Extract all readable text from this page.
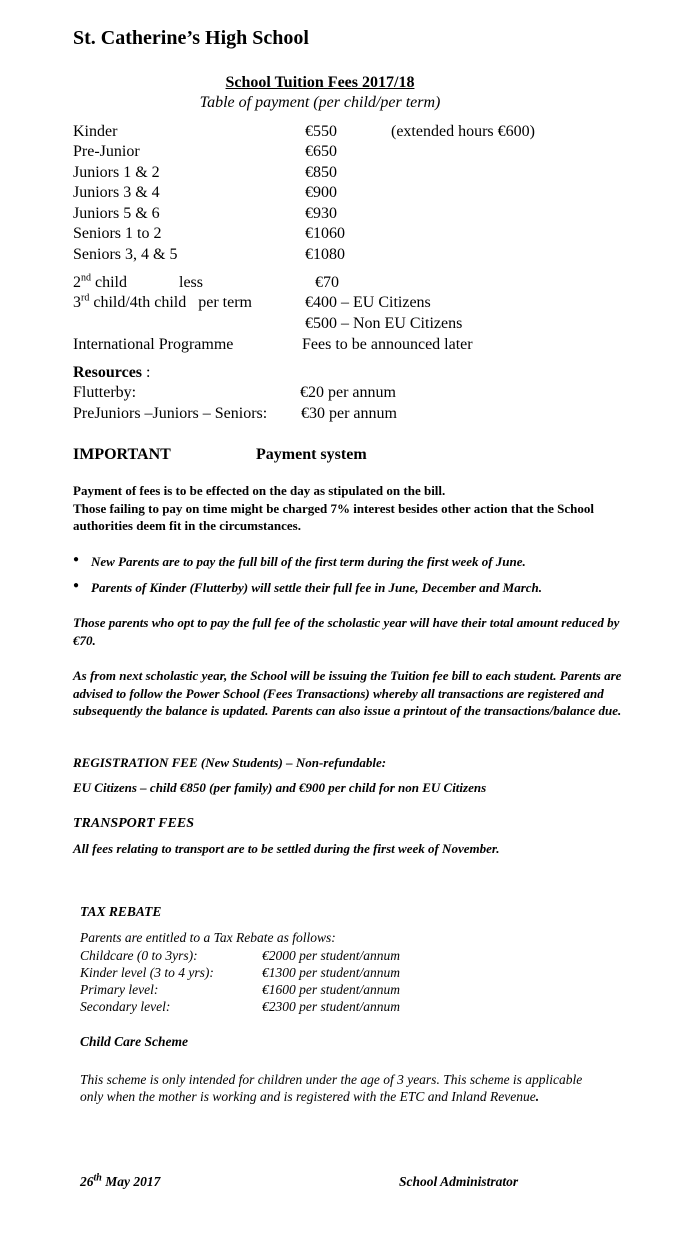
St. Catherine’s High School
School Tuition Fees 2017/18
Table of payment (per child/per term)
Kinder	€550	(extended hours €600)
Pre-Junior	€650
Juniors 1 & 2	€850
Juniors 3 & 4	€900
Juniors 5 & 6	€930
Seniors 1 to 2	€1060
Seniors 3, 4 & 5	€1080
2nd child	less	€70
3rd child/4th child   per term	€400 – EU Citizens
€500 – Non EU Citizens
International Programme	Fees to be announced later
Resources :
Flutterby:	€20 per annum
PreJuniors –Juniors – Seniors: €30 per annum
IMPORTANT	Payment system
Payment of fees is to be effected on the day as stipulated on the bill.
Those failing to pay on time might be charged 7% interest besides other action that the School authorities deem fit in the circumstances.
● New Parents are to pay the full bill of the first term during the first week of June.
● Parents of Kinder (Flutterby) will settle their full fee in June, December and March.
Those parents who opt to pay the full fee of the scholastic year will have their total amount reduced by €70.
As from next scholastic year, the School will be issuing the Tuition fee bill to each student. Parents are advised to follow the Power School (Fees Transactions) whereby all transactions are registered and subsequently the balance is updated. Parents can also issue a printout of the transactions/balance due.
REGISTRATION FEE (New Students) – Non-refundable:
EU Citizens – child €850 (per family) and €900 per child for non EU Citizens
TRANSPORT FEES
All fees relating to transport are to be settled during the first week of November.
TAX REBATE
Parents are entitled to a Tax Rebate as follows:
Childcare (0 to 3yrs):	€2000 per student/annum
Kinder level (3 to 4 yrs):	€1300 per student/annum
Primary level:	€1600 per student/annum
Secondary level:	€2300 per student/annum
Child Care Scheme
This scheme is only intended for children under the age of 3 years. This scheme is applicable only when the mother is working and is registered with the ETC and Inland Revenue.
26th May 2017	School Administrator
